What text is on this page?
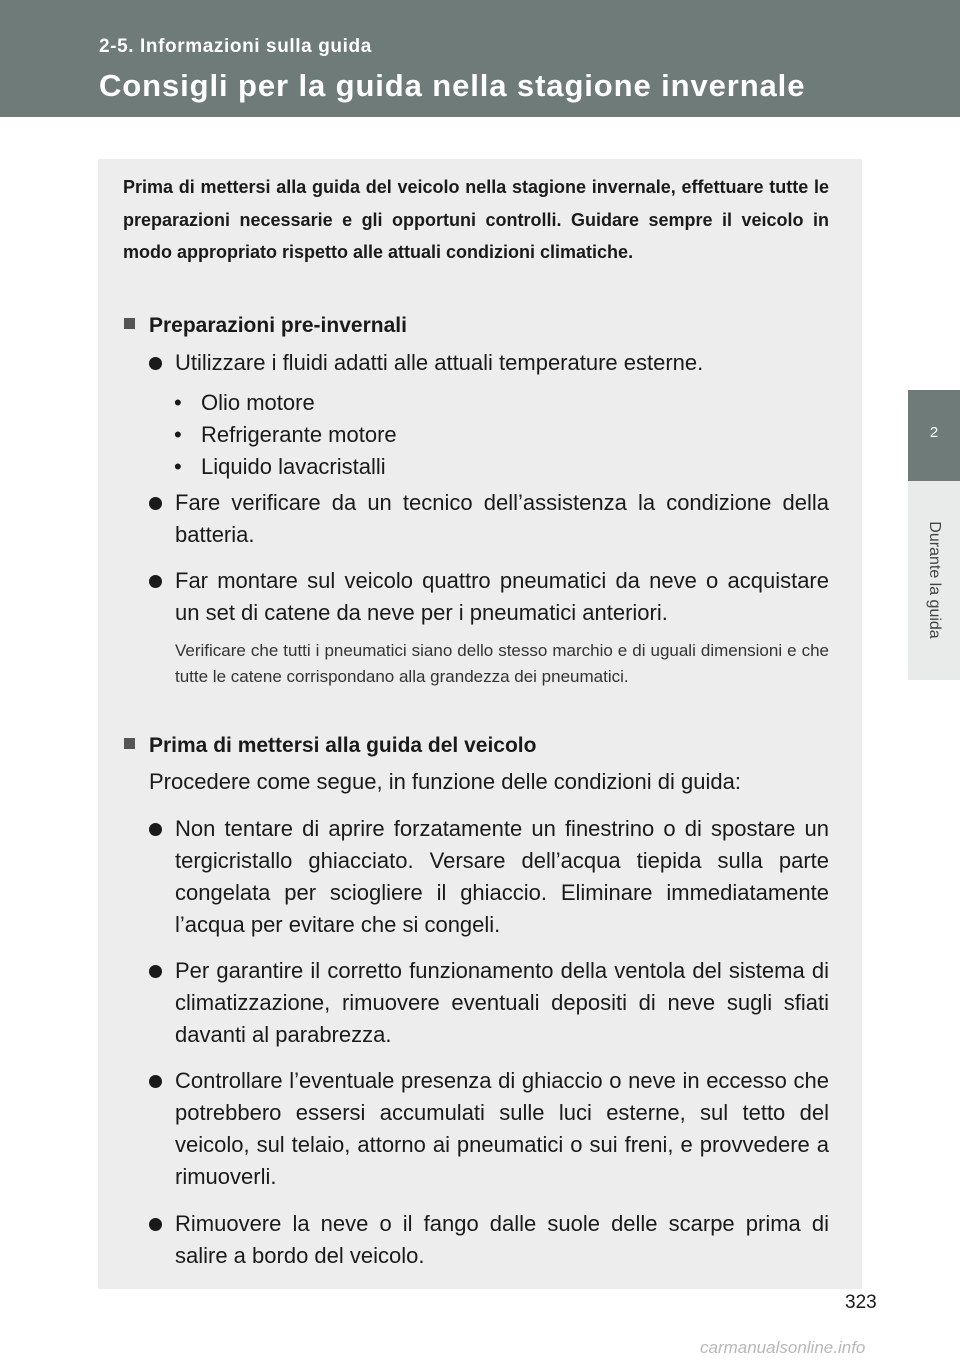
2-5. Informazioni sulla guida
Consigli per la guida nella stagione invernale
2
Durante la guida
Prima di mettersi alla guida del veicolo nella stagione invernale, effettuare tutte le preparazioni necessarie e gli opportuni controlli. Guidare sempre il veicolo in modo appropriato rispetto alle attuali condizioni climatiche.
Preparazioni pre-invernali
Utilizzare i fluidi adatti alle attuali temperature esterne.
• Olio motore
• Refrigerante motore
• Liquido lavacristalli
Fare verificare da un tecnico dell’assistenza la condizione della batteria.
Far montare sul veicolo quattro pneumatici da neve o acquistare un set di catene da neve per i pneumatici anteriori.
Verificare che tutti i pneumatici siano dello stesso marchio e di uguali dimensioni e che tutte le catene corrispondano alla grandezza dei pneumatici.
Prima di mettersi alla guida del veicolo
Procedere come segue, in funzione delle condizioni di guida:
Non tentare di aprire forzatamente un finestrino o di spostare un tergicristallo ghiacciato. Versare dell’acqua tiepida sulla parte congelata per sciogliere il ghiaccio. Eliminare immediatamente l’acqua per evitare che si congeli.
Per garantire il corretto funzionamento della ventola del sistema di climatizzazione, rimuovere eventuali depositi di neve sugli sfiati davanti al parabrezza.
Controllare l’eventuale presenza di ghiaccio o neve in eccesso che potrebbero essersi accumulati sulle luci esterne, sul tetto del veicolo, sul telaio, attorno ai pneumatici o sui freni, e provvedere a rimuoverli.
Rimuovere la neve o il fango dalle suole delle scarpe prima di salire a bordo del veicolo.
323
carmanualsonline.info
